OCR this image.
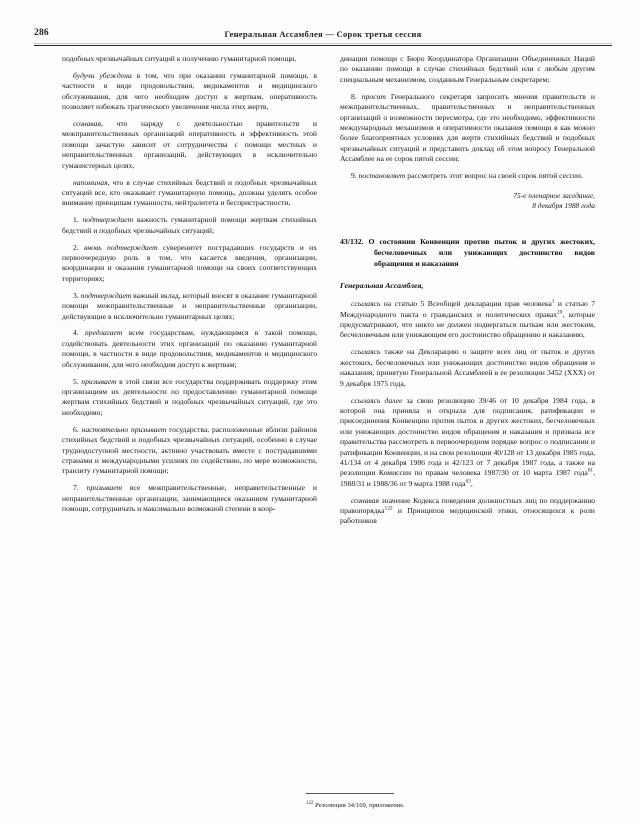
286	Генеральная Ассамблея — Сорок третья сессия

подобных чрезвычайных ситуаций к получению гуманитарной помощи,

будучи убеждена в том, что при оказании гуманитарной помощи, в частности в виде продовольствия, медикаментов и медицинского обслуживания, для чего необходим доступ к жертвам, оперативность позволяет избежать трагического увеличения числа этих жертв,

сознавая, что наряду с деятельностью правительств и межправительственных организаций оперативность и эффективность этой помощи зачастую зависит от сотрудничества с помощи местных и неправительственных организаций, действующих в исключительно гуманистерных целях,

напоминая, что в случае стихийных бедствий и подобных чрезвычайных ситуаций все, кто оказывает гуманитарную помощь, должны уделять особое внимание принципам гуманности, нейтралитета и беспристрастности,

1. подтверждает важность гуманитарной помощи жертвам стихийных бедствий и подобных чрезвычайных ситуаций;

2. вновь подтверждает суверенитет пострадавших государств и их первоочередную роль в том, что касается введения, организации, координации и оказания гуманитарной помощи на своих соответствующих территориях;

3. подтверждает важный вклад, который вносят в оказание гуманитарной помощи межправительственные и неправительственные организации, действующие в исключительно гуманитарных целях;

4. предлагает всем государствам, нуждающимся в такой помощи, содействовать деятельности этих организаций по оказанию гуманитарной помощи, в частности в виде продовольствия, медикаментов и медицинского обслуживания, для чего необходим доступ к жертвам;

5. призывает в этой связи все государства поддерживать поддержку этим организациям их деятельности по предоставлению гуманитарной помощи жертвам стихийных бедствий и подобных чрезвычайных ситуаций, где это необходимо;

6. настоятельно призывает государства, расположенные вблизи районов стихийных бедствий и подобных чрезвычайных ситуаций, особенно в случае труднодоступной местности, активно участвовать вместе с пострадавшими странами и международными усилиях по содействию, по мере возможности, транзиту гуманитарной помощи;

7. призывает все межправительственные, неправительственные и неправительственные организации, занимающиеся оказанием гуманитарной помощи, сотрудничать и максимально возможной степени в коор-

динации помощи с Бюро Координатора Организации Объединенных Наций по оказанию помощи в случае стихийных бедствий или с любым другим специальным механизмом, созданным Генеральным секретарем;

8. просит Генерального секретаря запросить мнения правительств и межправительственных, правительственных и неправительственных организаций о возможности пересмотра, где это необходимо, эффективности международных механизмов и оперативности оказания помощи в как можно более благоприятных условиях для жертв стихийных бедствий и подобных чрезвычайных ситуаций и представить доклад об этом вопросу Генеральной Ассамблее на ее сорок пятой сессии;

9. постановляет рассмотреть этот вопрос на своей сорок пятой сессии.

75-е пленарное заседание,
8 декабря 1988 года
43/132. О состоянии Конвенции против пыток и других жестоких, бесчеловечных или унижающих достоинство видов обращения и наказания
Генеральная Ассамблея,

ссылаясь на статью 5 Всеобщей декларации прав человека$^1$ и статью 7 Международного пакта о гражданских и политических правах$^{20}$, которые предусматривают, что никто не должен подвергаться пыткам или жестоким, бесчеловечным или унижающим его достоинство обращению и наказанию,

ссылаясь также на Декларацию о защите всех лиц от пыток и других жестоких, бесчеловечных или унижающих достоинство видов обращения и наказания, принятую Генеральной Ассамблеей в ее резолюции 3452 (XXX) от 9 декабря 1975 года,

ссылаясь далее за свою резолюцию 39/46 от 10 декабря 1984 года, в которой она приняла и открыла для подписания, ратификации и присоединения Конвенцию против пыток и других жестоких, бесчеловечных или унижающих достоинство видов обращения и наказания и призвала все правительства рассмотреть в первоочередном порядке вопрос о подписании и ратификации Конвенции, и на свои резолюции 40/128 от 13 декабря 1985 года, 41/134 от 4 декабря 1986 года и 42/123 от 7 декабря 1987 года, а также на резолюции Комиссии по правам человека 1987/30 от 10 марта 1987 года$^{61}$, 1988/31 и 1988/36 от 9 марта 1988 года$^{63}$,

сознавая значение Кодекса поведения должностных лиц по поддержанию правопорядка$^{122}$ и Принципов медицинской этики, относящихся к роли работников

$^{122}$ Резолюция 34/169, приложение.
